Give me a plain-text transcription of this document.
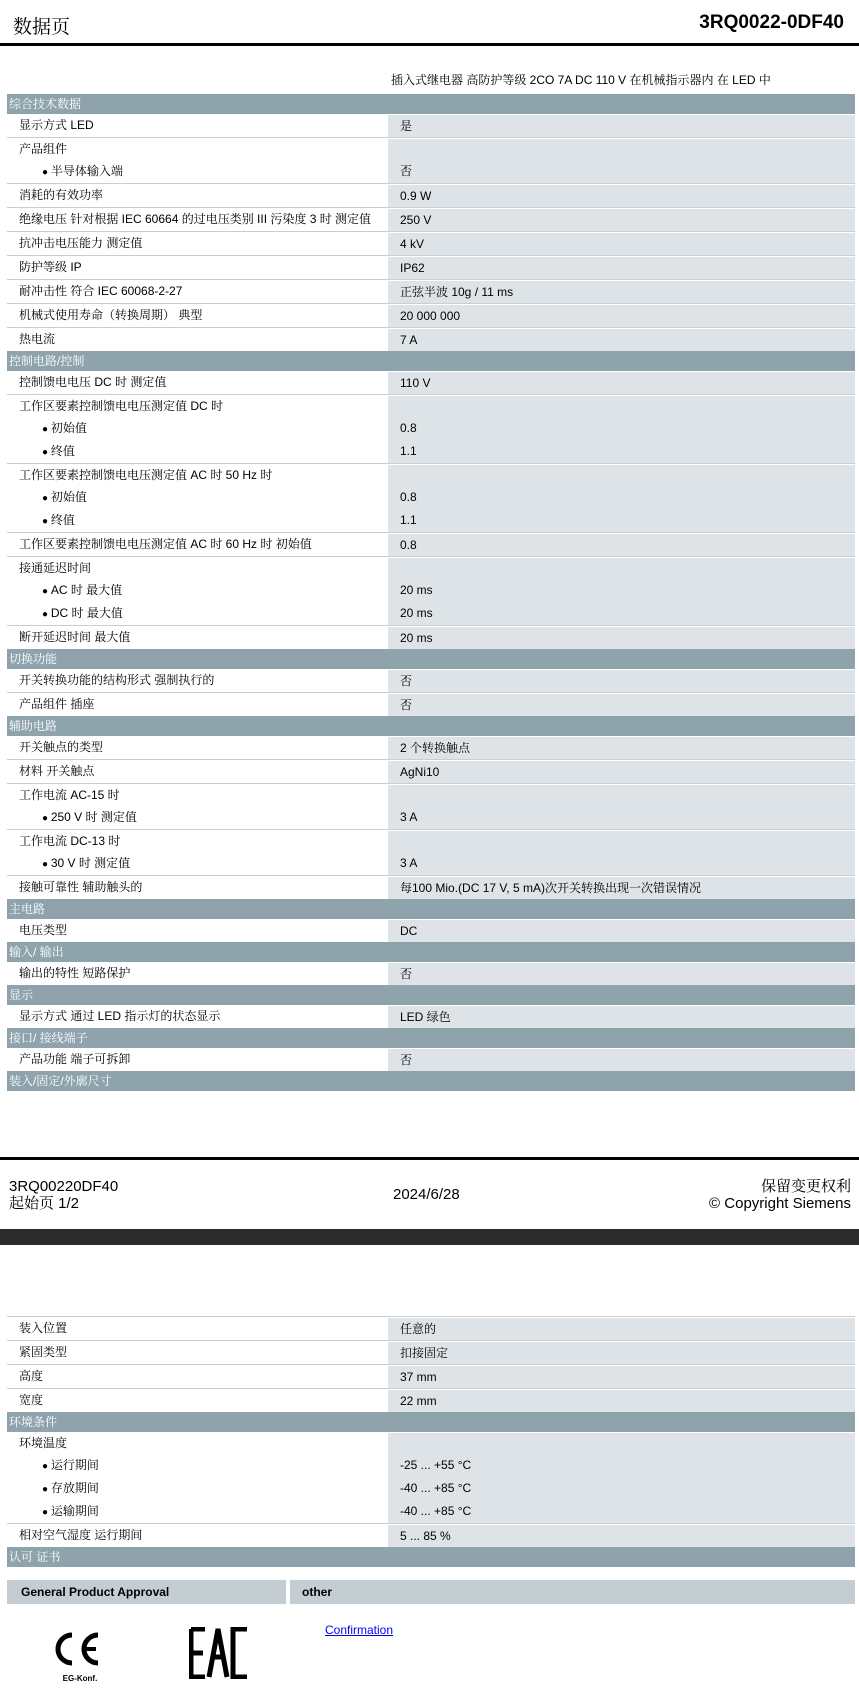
数据页	3RQ0022-0DF40
插入式继电器 高防护等级 2CO 7A DC 110 V 在机械指示器内 在 LED 中
综合技术数据
显示方式 LED	是
产品组件
● 半导体输入端	否
消耗的有效功率	0.9 W
绝缘电压 针对根据 IEC 60664 的过电压类别 III 污染度 3 时 测定值	250 V
抗冲击电压能力 测定值	4 kV
防护等级 IP	IP62
耐冲击性 符合 IEC 60068-2-27	正弦半波 10g / 11 ms
机械式使用寿命（转换周期） 典型	20 000 000
热电流	7 A
控制电路/控制
控制馈电电压 DC 时 测定值	110 V
工作区要素控制馈电电压测定值 DC 时
● 初始值	0.8
● 终值	1.1
工作区要素控制馈电电压测定值 AC 时 50 Hz 时
● 初始值	0.8
● 终值	1.1
工作区要素控制馈电电压测定值 AC 时 60 Hz 时 初始值	0.8
接通延迟时间
● AC 时 最大值	20 ms
● DC 时 最大值	20 ms
断开延迟时间 最大值	20 ms
切换功能
开关转换功能的结构形式 强制执行的	否
产品组件 插座	否
辅助电路
开关触点的类型	2 个转换触点
材料 开关触点	AgNi10
工作电流 AC-15 时
● 250 V 时 测定值	3 A
工作电流 DC-13 时
● 30 V 时 测定值	3 A
接触可靠性 辅助触头的	每100 Mio.(DC 17 V, 5 mA)次开关转换出现一次错误情况
主电路
电压类型	DC
输入/ 输出
输出的特性 短路保护	否
显示
显示方式 通过 LED 指示灯的状态显示	LED 绿色
接口/ 接线端子
产品功能 端子可拆卸	否
装入/固定/外廓尺寸
3RQ00220DF40
起始页 1/2
2024/6/28	保留变更权利
© Copyright Siemens
装入位置	任意的
紧固类型	扣接固定
高度	37 mm
宽度	22 mm
环境条件
环境温度
● 运行期间	-25 ... +55 °C
● 存放期间	-40 ... +85 °C
● 运输期间	-40 ... +85 °C
相对空气湿度 运行期间	5 ... 85 %
认可 证书
General Product Approval	other
EG-Konf.
Confirmation
